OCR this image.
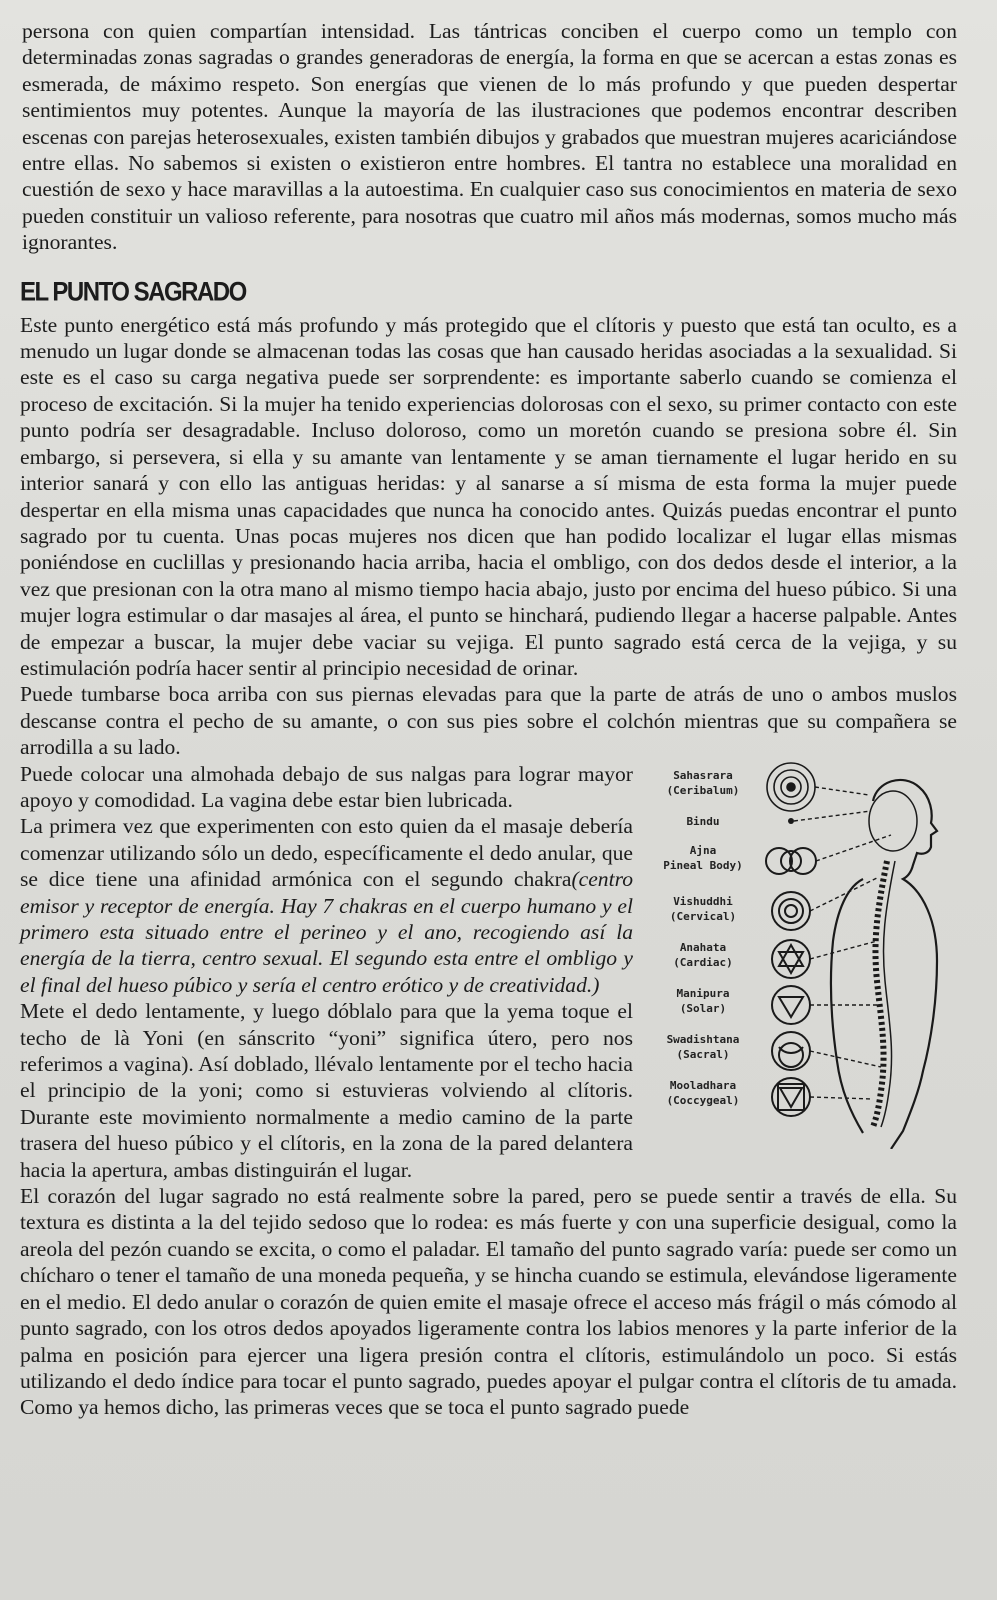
persona con quien compartían intensidad. Las tántricas conciben el cuerpo como un templo con determinadas zonas sagradas o grandes generadoras de energía, la forma en que se acercan a estas zonas es esmerada, de máximo respeto. Son energías que vienen de lo más profundo y que pueden despertar sentimientos muy potentes. Aunque la mayoría de las ilustraciones que podemos encontrar describen escenas con parejas heterosexuales, existen también dibujos y grabados que muestran mujeres acariciándose entre ellas. No sabemos si existen o existieron entre hombres. El tantra no establece una moralidad en cuestión de sexo y hace maravillas a la autoestima. En cualquier caso sus conocimientos en materia de sexo pueden constituir un valioso referente, para nosotras que cuatro mil años más modernas, somos mucho más ignorantes.

EL PUNTO SAGRADO

Este punto energético está más profundo y más protegido que el clítoris y puesto que está tan oculto, es a menudo un lugar donde se almacenan todas las cosas que han causado heridas asociadas a la sexualidad. Si este es el caso su carga negativa puede ser sorprendente: es importante saberlo cuando se comienza el proceso de excitación. Si la mujer ha tenido experiencias dolorosas con el sexo, su primer contacto con este punto podría ser desagradable. Incluso doloroso, como un moretón cuando se presiona sobre él. Sin embargo, si persevera, si ella y su amante van lentamente y se aman tiernamente el lugar herido en su interior sanará y con ello las antiguas heridas: y al sanarse a sí misma de esta forma la mujer puede despertar en ella misma unas capacidades que nunca ha conocido antes. Quizás puedas encontrar el punto sagrado por tu cuenta. Unas pocas mujeres nos dicen que han podido localizar el lugar ellas mismas poniéndose en cuclillas y presionando hacia arriba, hacia el ombligo, con dos dedos desde el interior, a la vez que presionan con la otra mano al mismo tiempo hacia abajo, justo por encima del hueso púbico. Si una mujer logra estimular o dar masajes al área, el punto se hinchará, pudiendo llegar a hacerse palpable. Antes de empezar a buscar, la mujer debe vaciar su vejiga. El punto sagrado está cerca de la vejiga, y su estimulación podría hacer sentir al principio necesidad de orinar.

Puede tumbarse boca arriba con sus piernas elevadas para que la parte de atrás de uno o ambos muslos descanse contra el pecho de su amante, o con sus pies sobre el colchón mientras que su compañera se arrodilla a su lado.

Sahasrara
(Ceribalum)
Bindu
Ajna
Pineal Body)
Vishuddhi
(Cervical)
Anahata
(Cardiac)
Manipura
(Solar)
Swadishtana
(Sacral)
Mooladhara
(Coccygeal)

Puede colocar una almohada debajo de sus nalgas para lograr mayor apoyo y comodidad. La vagina debe estar bien lubricada.

La primera vez que experimenten con esto quien da el masaje debería comenzar utilizando sólo un dedo, específicamente el dedo anular, que se dice tiene una afinidad armónica con el segundo chakra(centro emisor y receptor de energía. Hay 7 chakras en el cuerpo humano y el primero esta situado entre el perineo y el ano, recogiendo así la energía de la tierra, centro sexual. El segundo esta entre el ombligo y el final del hueso púbico y sería el centro erótico y de creatividad.)

Mete el dedo lentamente, y luego dóblalo para que la yema toque el techo de là Yoni (en sánscrito “yoni” significa útero, pero nos referimos a vagina). Así doblado, llévalo lentamente por el techo hacia el principio de la yoni; como si estuvieras volviendo al clítoris. Durante este movimiento normalmente a medio camino de la parte trasera del hueso púbico y el clítoris, en la zona de la pared delantera hacia la apertura, ambas distinguirán el lugar.

El corazón del lugar sagrado no está realmente sobre la pared, pero se puede sentir a través de ella. Su textura es distinta a la del tejido sedoso que lo rodea: es más fuerte y con una superficie desigual, como la areola del pezón cuando se excita, o como el paladar. El tamaño del punto sagrado varía: puede ser como un chícharo o tener el tamaño de una moneda pequeña, y se hincha cuando se estimula, elevándose ligeramente en el medio. El dedo anular o corazón de quien emite el masaje ofrece el acceso más frágil o más cómodo al punto sagrado, con los otros dedos apoyados ligeramente contra los labios menores y la parte inferior de la palma en posición para ejercer una ligera presión contra el clítoris, estimulándolo un poco. Si estás utilizando el dedo índice para tocar el punto sagrado, puedes apoyar el pulgar contra el clítoris de tu amada. Como ya hemos dicho, las primeras veces que se toca el punto sagrado puede
